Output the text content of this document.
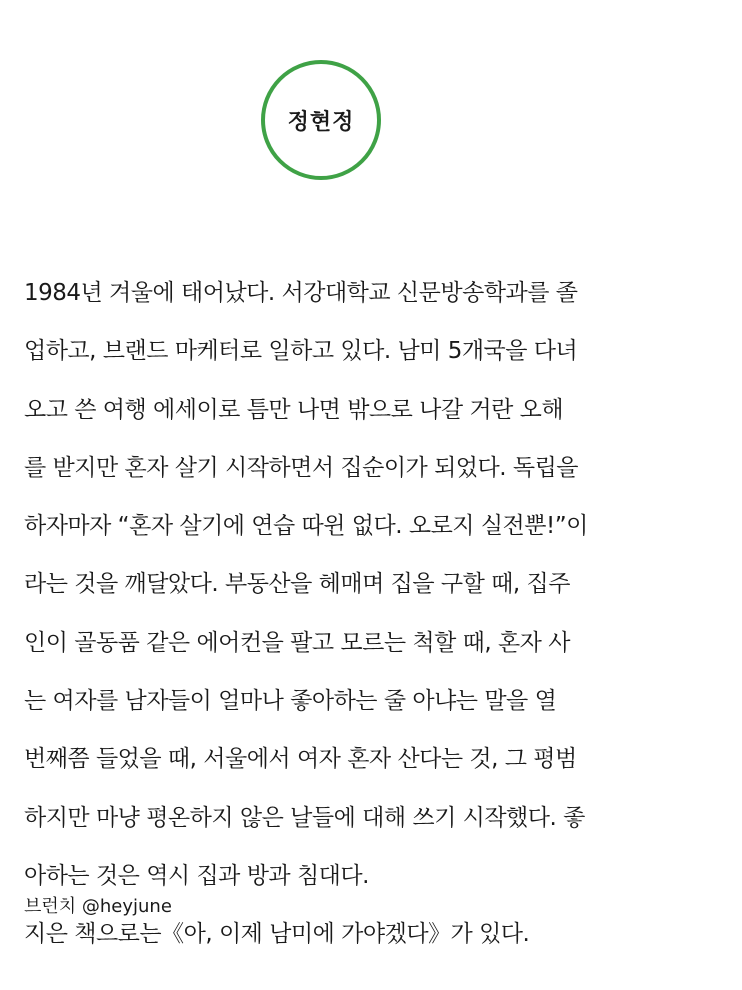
정현정
1984년 겨울에 태어났다. 서강대학교 신문방송학과를 졸
업하고, 브랜드 마케터로 일하고 있다. 남미 5개국을 다녀
오고 쓴 여행 에세이로 틈만 나면 밖으로 나갈 거란 오해
를 받지만 혼자 살기 시작하면서 집순이가 되었다. 독립을
하자마자 “혼자 살기에 연습 따윈 없다. 오로지 실전뿐!”이
라는 것을 깨달았다. 부동산을 헤매며 집을 구할 때, 집주
인이 골동품 같은 에어컨을 팔고 모르는 척할 때, 혼자 사
는 여자를 남자들이 얼마나 좋아하는 줄 아냐는 말을 열
번째쯤 들었을 때, 서울에서 여자 혼자 산다는 것, 그 평범
하지만 마냥 평온하지 않은 날들에 대해 쓰기 시작했다. 좋
아하는 것은 역시 집과 방과 침대다.
지은 책으로는《아, 이제 남미에 가야겠다》가 있다.
브런치 @heyjune
